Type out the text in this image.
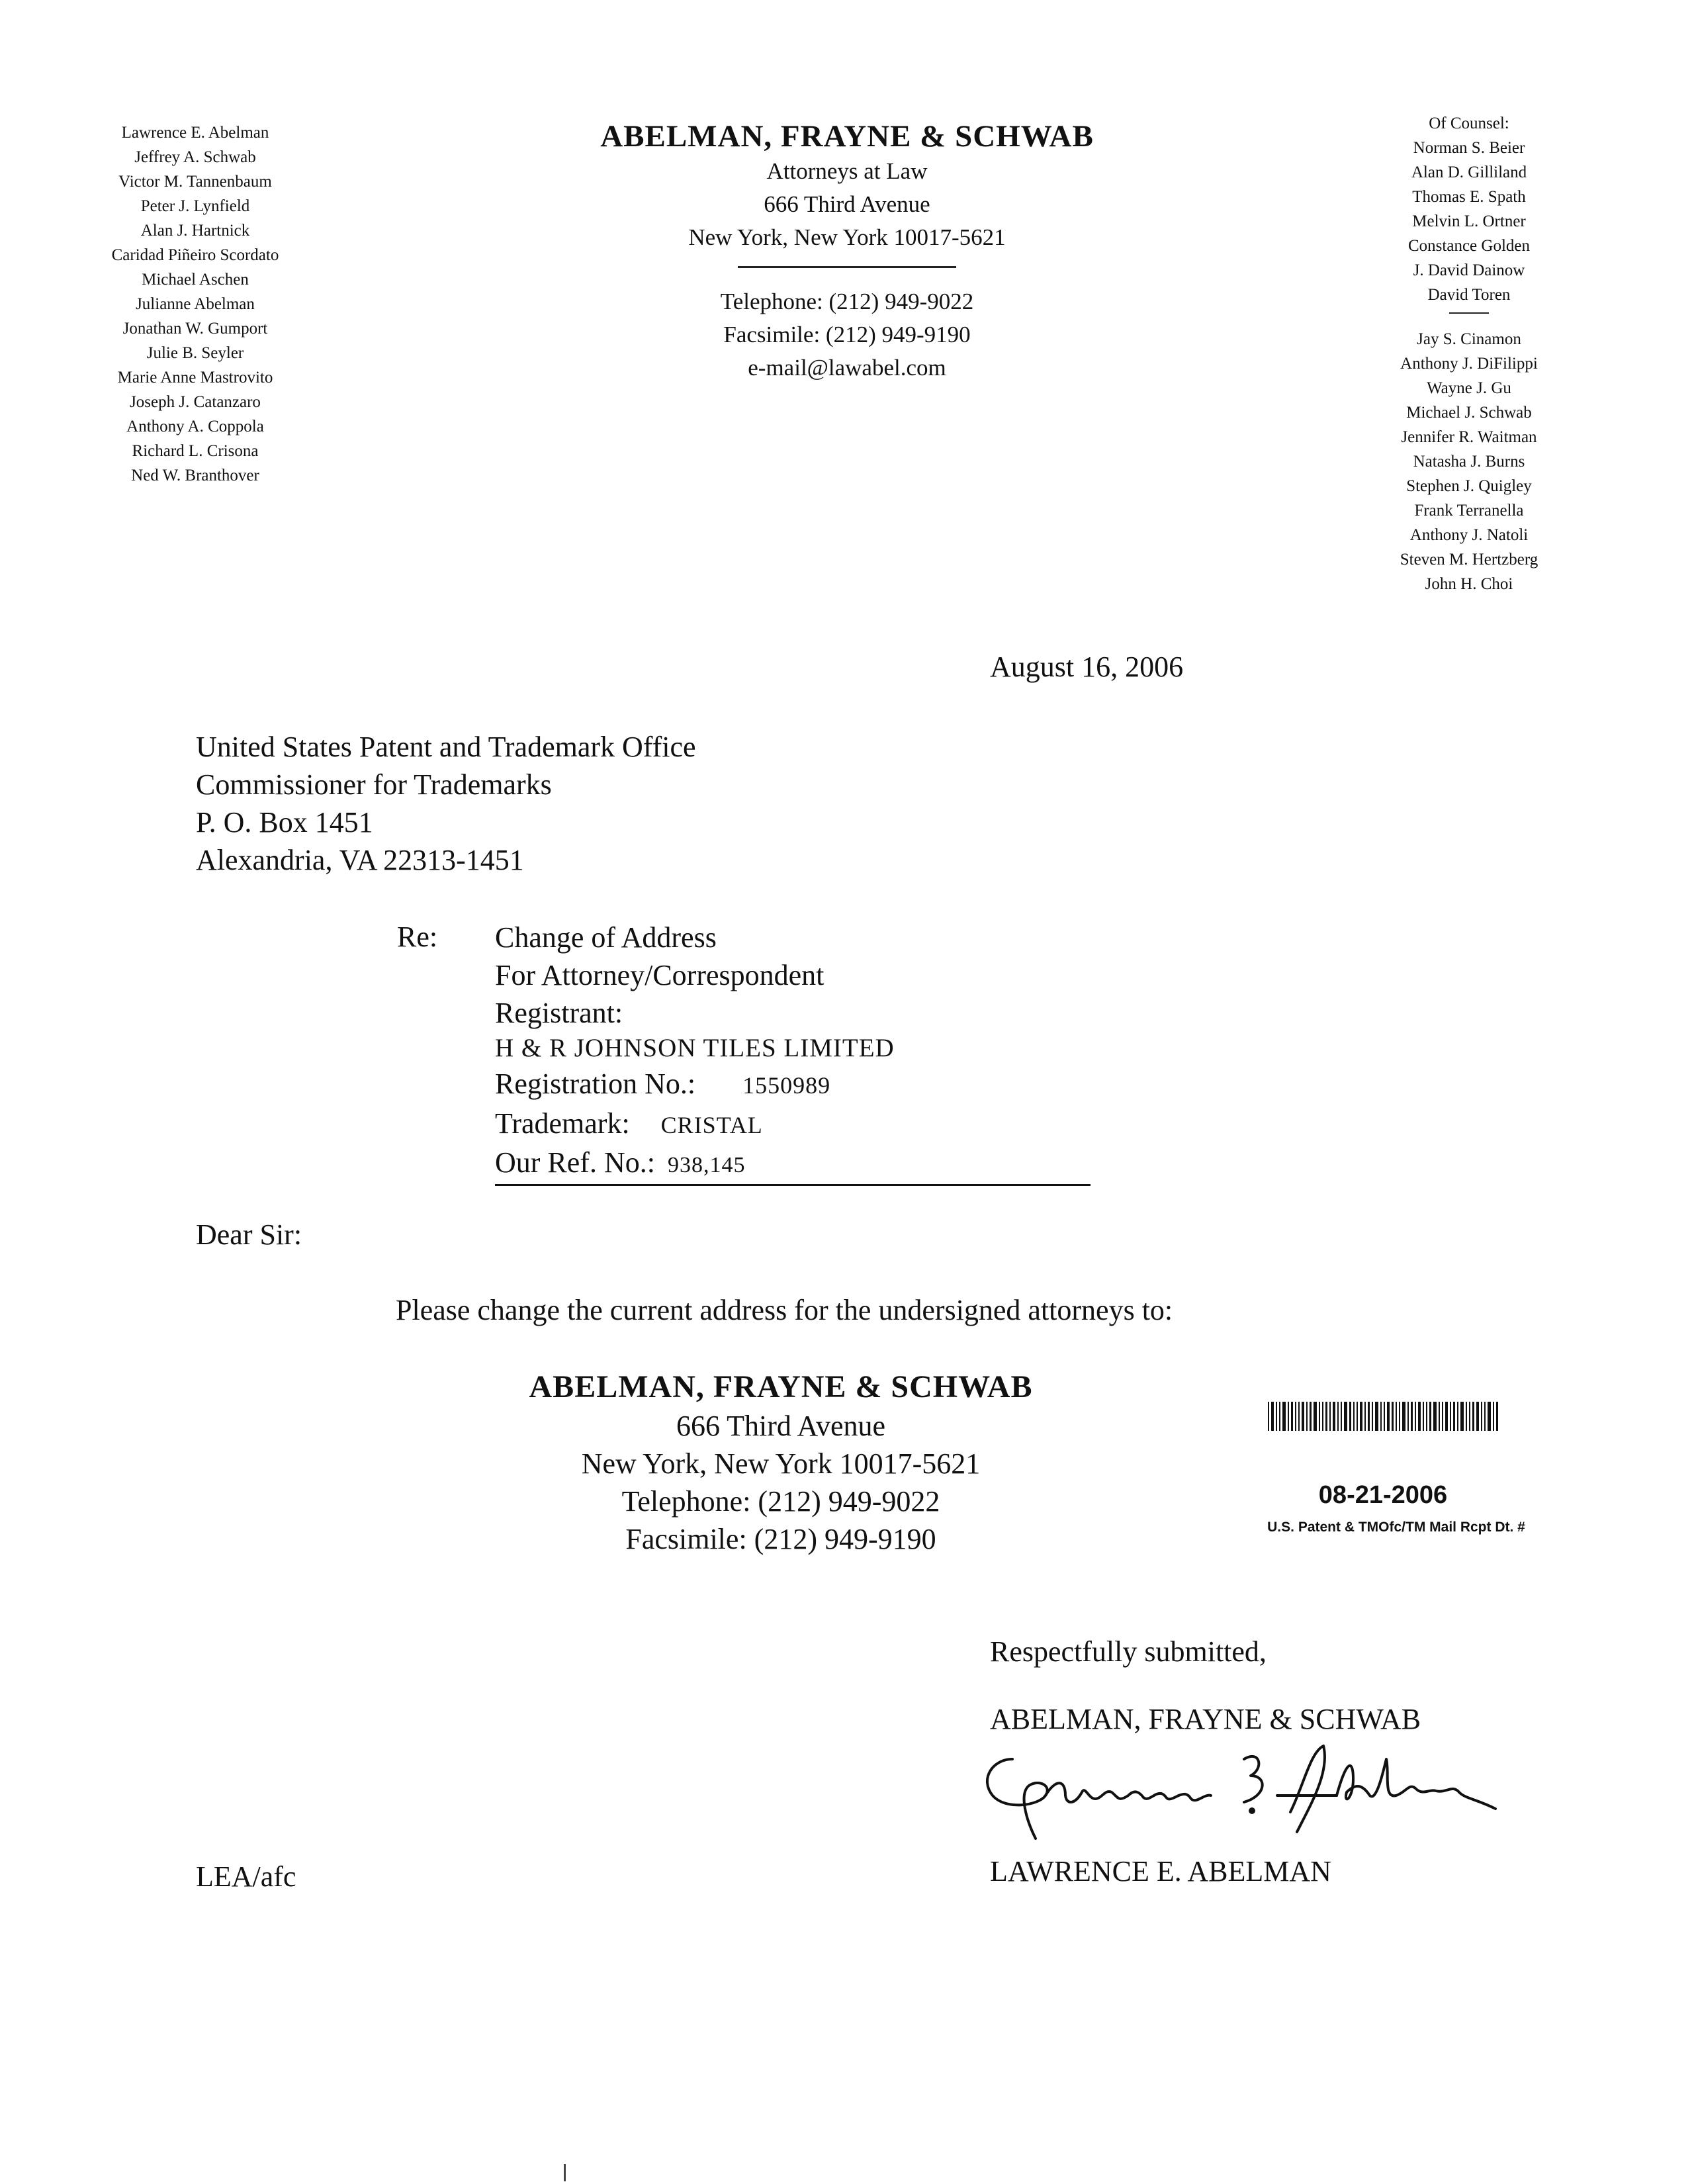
Lawrence E. Abelman
Jeffrey A. Schwab
Victor M. Tannenbaum
Peter J. Lynfield
Alan J. Hartnick
Caridad Piñeiro Scordato
Michael Aschen
Julianne Abelman
Jonathan W. Gumport
Julie B. Seyler
Marie Anne Mastrovito
Joseph J. Catanzaro
Anthony A. Coppola
Richard L. Crisona
Ned W. Branthover
ABELMAN, FRAYNE & SCHWAB
Attorneys at Law
666 Third Avenue
New York, New York 10017-5621
Telephone: (212) 949-9022
Facsimile: (212) 949-9190
e-mail@lawabel.com
Of Counsel:
Norman S. Beier
Alan D. Gilliland
Thomas E. Spath
Melvin L. Ortner
Constance Golden
J. David Dainow
David Toren
Jay S. Cinamon
Anthony J. DiFilippi
Wayne J. Gu
Michael J. Schwab
Jennifer R. Waitman
Natasha J. Burns
Stephen J. Quigley
Frank Terranella
Anthony J. Natoli
Steven M. Hertzberg
John H. Choi
August 16, 2006
United States Patent and Trademark Office
Commissioner for Trademarks
P. O. Box 1451
Alexandria, VA 22313-1451
Re: Change of Address
For Attorney/Correspondent
Registrant:
H & R JOHNSON TILES LIMITED
Registration No.: 1550989
Trademark: CRISTAL
Our Ref. No.: 938,145
Dear Sir:
Please change the current address for the undersigned attorneys to:
ABELMAN, FRAYNE & SCHWAB
666 Third Avenue
New York, New York 10017-5621
Telephone: (212) 949-9022
Facsimile: (212) 949-9190
08-21-2006
U.S. Patent & TMOfc/TM Mail Rcpt Dt. #
Respectfully submitted,
ABELMAN, FRAYNE & SCHWAB
LAWRENCE E. ABELMAN
LEA/afc
